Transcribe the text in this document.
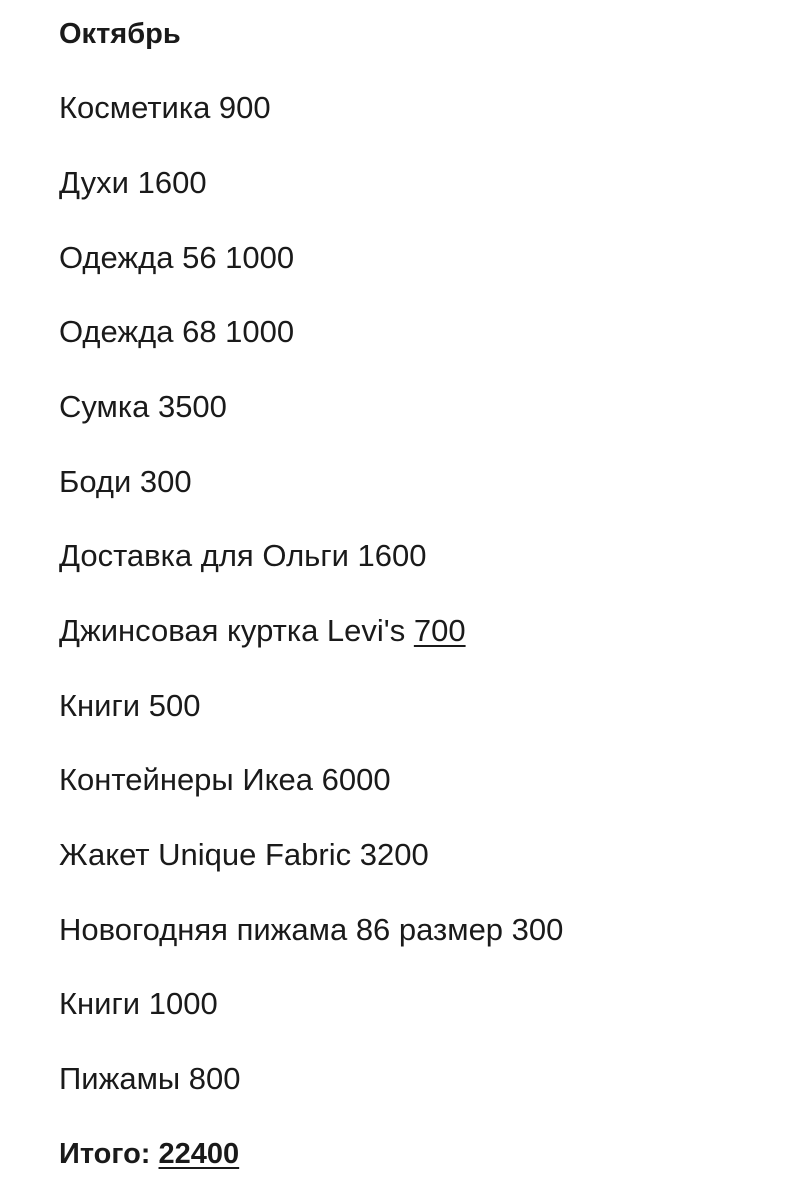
Октябрь
Косметика 900
Духи 1600
Одежда 56 1000
Одежда 68 1000
Сумка 3500
Боди 300
Доставка для Ольги 1600
Джинсовая куртка Levi's 700
Книги 500
Контейнеры Икеа 6000
Жакет Unique Fabric 3200
Новогодняя пижама 86 размер 300
Книги 1000
Пижамы 800
Итого: 22400
